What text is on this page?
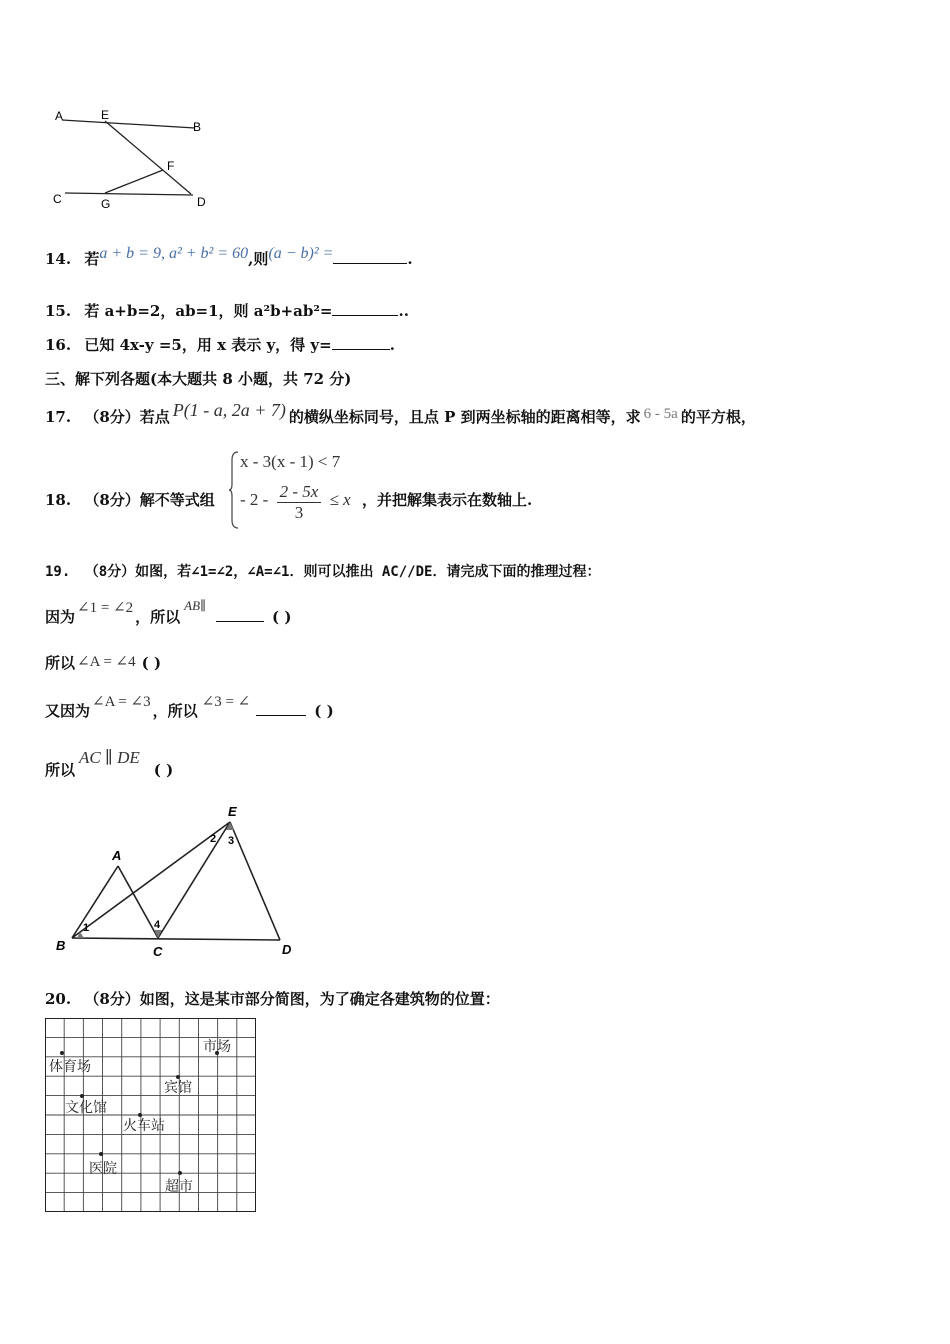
A	E
B
F
C	G	D
14. 若a + b = 9, a² + b² = 60,则(a − b)² =	.
15. 若 a+b=2，ab=1，则 a²b+ab²=	..
16. 已知 4x-y =5，用 x 表示 y，得 y=	.
三、解下列各题(本大题共 8 小题，共 72 分)
17. （8分）若点 P(1 - a, 2a + 7) 的横纵坐标同号，且点 P 到两坐标轴的距离相等，求 6 - 5a 的平方根，
18. （8分）解不等式组
x - 3(x - 1) < 7
- $2 - \frac{2 - 5x}{3} \le x$ ，并把解集表示在数轴上.
19. （8分）如图，若∠1=∠2，∠A=∠1．则可以推出 AC//DE．请完成下面的推理过程：
因为 ∠1 = ∠2 ，所以AB∥( )
所以 ∠A = ∠4 ( )
又因为 ∠A = ∠3 ，所以 ∠3 = ∠	( )
所以AC ∥ DE( )
E
A
B	C	D
1
2 3
4
20. （8分）如图，这是某市部分简图，为了确定各建筑物的位置：
市场
体育场
宾馆
文化馆
火车站
医院
超市
